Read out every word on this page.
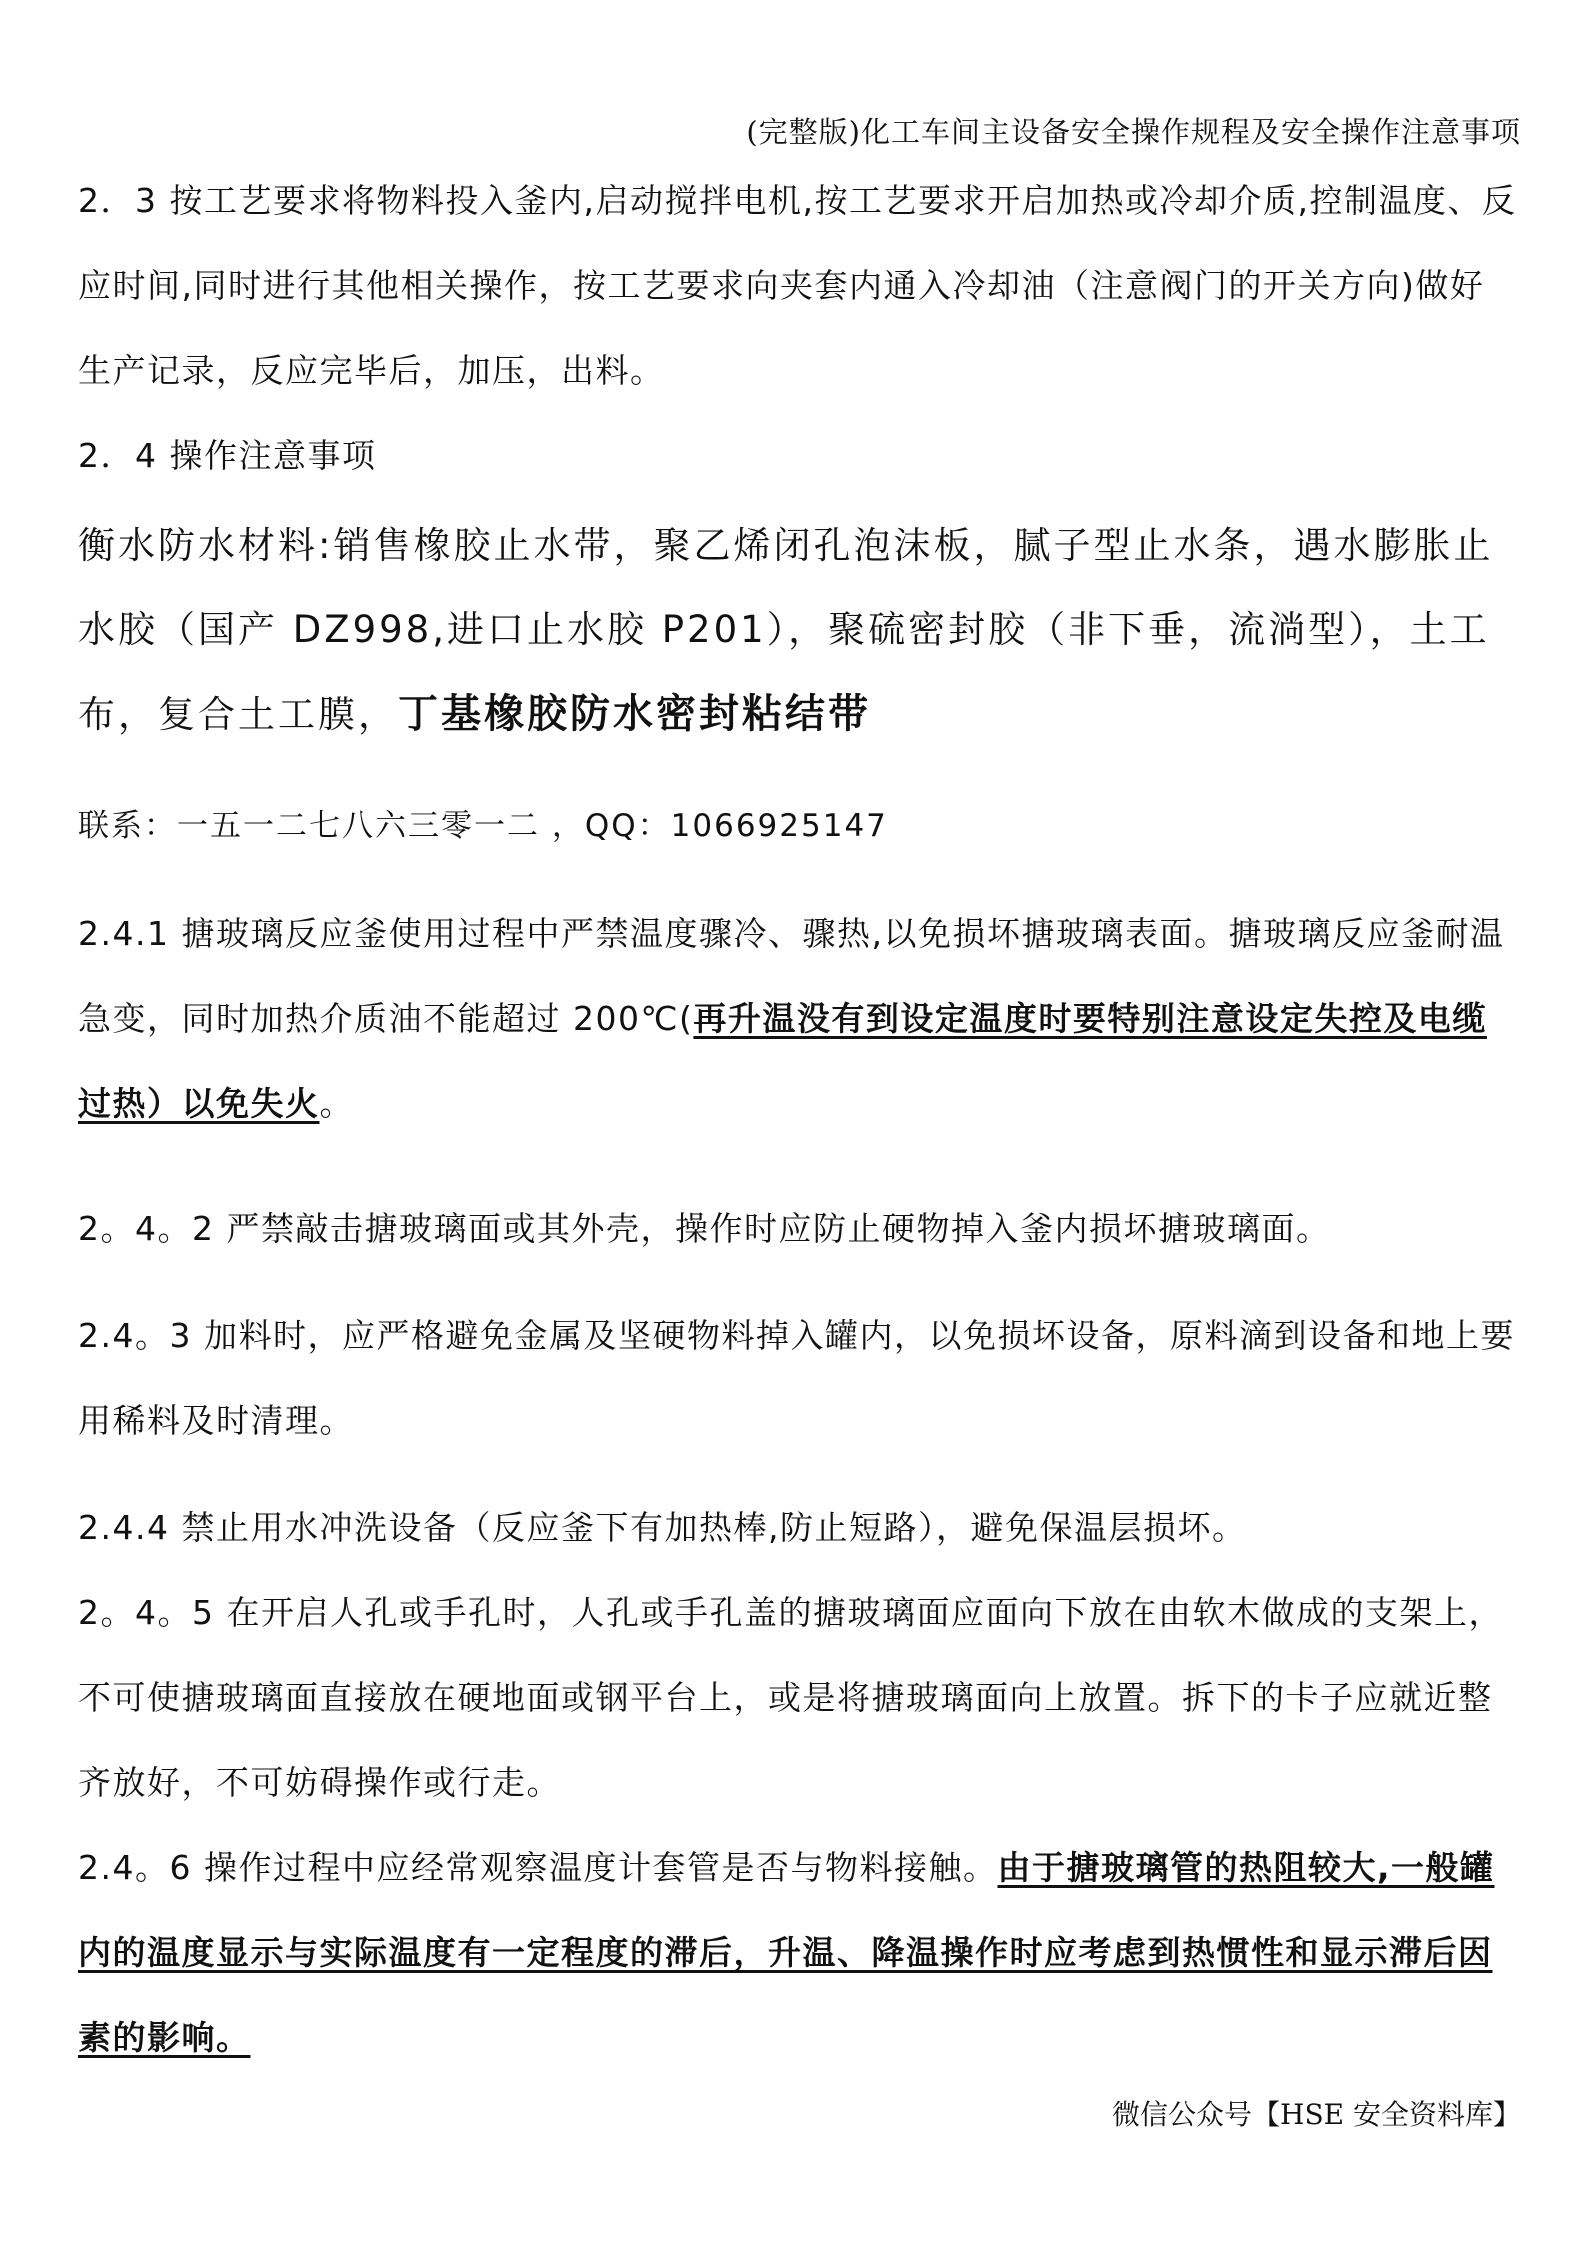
(完整版)化工车间主设备安全操作规程及安全操作注意事项

2．3 按工艺要求将物料投入釜内,启动搅拌电机,按工艺要求开启加热或冷却介质,控制温度、反应时间,同时进行其他相关操作，按工艺要求向夹套内通入冷却油（注意阀门的开关方向)做好生产记录，反应完毕后，加压，出料。

2．4 操作注意事项

衡水防水材料:销售橡胶止水带，聚乙烯闭孔泡沫板，腻子型止水条，遇水膨胀止水胶（国产 DZ998,进口止水胶 P201），聚硫密封胶（非下垂，流淌型），土工布，复合土工膜，丁基橡胶防水密封粘结带

联系：一五一二七八六三零一二 ，QQ：1066925147

2.4.1 搪玻璃反应釜使用过程中严禁温度骤冷、骤热,以免损坏搪玻璃表面。搪玻璃反应釜耐温急变，同时加热介质油不能超过 200℃(再升温没有到设定温度时要特别注意设定失控及电缆过热）以免失火。

2。4。2 严禁敲击搪玻璃面或其外壳，操作时应防止硬物掉入釜内损坏搪玻璃面。

2.4。3 加料时，应严格避免金属及坚硬物料掉入罐内，以免损坏设备，原料滴到设备和地上要用稀料及时清理。

2.4.4 禁止用水冲洗设备（反应釜下有加热棒,防止短路），避免保温层损坏。

2。4。5 在开启人孔或手孔时，人孔或手孔盖的搪玻璃面应面向下放在由软木做成的支架上，不可使搪玻璃面直接放在硬地面或钢平台上，或是将搪玻璃面向上放置。拆下的卡子应就近整齐放好，不可妨碍操作或行走。

2.4。6 操作过程中应经常观察温度计套管是否与物料接触。由于搪玻璃管的热阻较大,一般罐内的温度显示与实际温度有一定程度的滞后，升温、降温操作时应考虑到热惯性和显示滞后因素的影响。

微信公众号【HSE 安全资料库】
